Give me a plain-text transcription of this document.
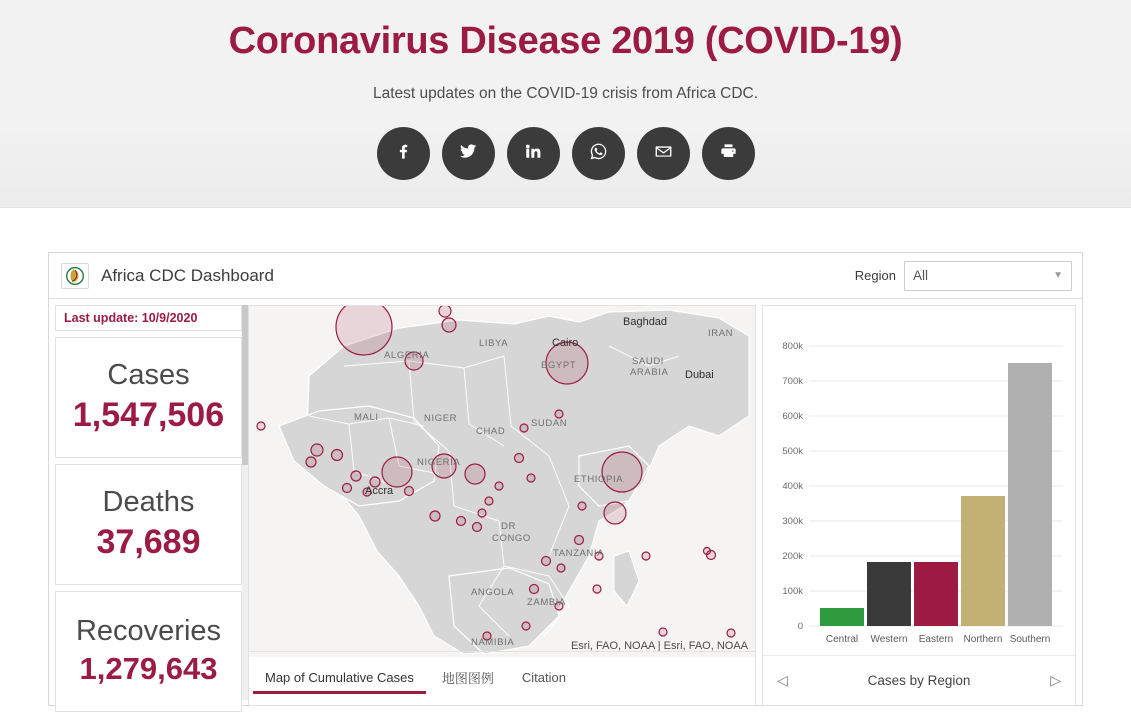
Coronavirus Disease 2019 (COVID-19)
Latest updates on the COVID-19 crisis from Africa CDC.
Africa CDC Dashboard	Region All	▼
Last update: 10/9/2020
Cases
1,547,506
Deaths
37,689
Recoveries
1,279,643
Baghdad
IRAN
ALGERIA
LIBYA	Cairo
SAUDI
ARABIA Dubai
EGYPT
MALI	NIGER
CHAD
SUDAN
NIGERIA
Accra
ETHIOPIA
DR
CONGO
TANZANIA
ANGOLA
ZAMBIA
NAMIBIA	Esri, FAO, NOAA | Esri, FAO, NOAA
Map of Cumulative Cases	地图图例	Citation
800k
700k
600k
500k
400k
300k
200k
100k
0
Central Western Eastern Northern Southern
◁	Cases by Region	▷
